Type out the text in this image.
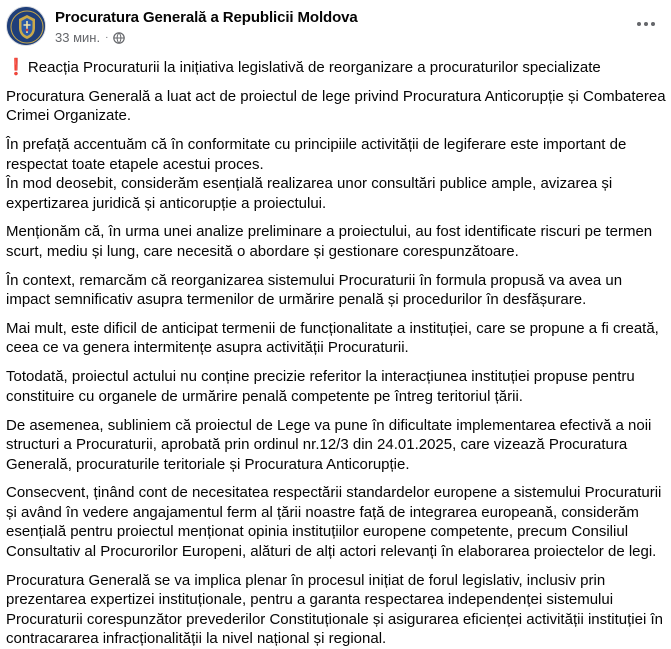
Procuratura Generală a Republicii Moldova
33 мин. ·

❗ Reacția Procuraturii la inițiativa legislativă de reorganizare a procuraturilor specializate

Procuratura Generală a luat act de proiectul de lege privind Procuratura Anticorupție și Combaterea Crimei Organizate.

În prefață accentuăm că în conformitate cu principiile activității de legiferare este important de respectat toate etapele acestui proces.

În mod deosebit, considerăm esențială realizarea unor consultări publice ample, avizarea și expertizarea juridică și anticorupție a proiectului.

Menționăm că, în urma unei analize preliminare a proiectului, au fost identificate riscuri pe termen scurt, mediu și lung, care necesită o abordare și gestionare corespunzătoare.

În context, remarcăm că reorganizarea sistemului Procuraturii în formula propusă va avea un impact semnificativ asupra termenilor de urmărire penală și procedurilor în desfășurare.

Mai mult, este dificil de anticipat termenii de funcționalitate a instituției, care se propune a fi creată, ceea ce va genera intermitențe asupra activității Procuraturii.

Totodată, proiectul actului nu conține precizie referitor la interacțiunea instituției propuse pentru constituire cu organele de urmărire penală competente pe întreg teritoriul țării.

De asemenea, subliniem că proiectul de Lege va pune în dificultate implementarea efectivă a noii structuri a Procuraturii, aprobată prin ordinul nr.12/3 din 24.01.2025, care vizează Procuratura Generală, procuraturile teritoriale și Procuratura Anticorupție.

Consecvent, ținând cont de necesitatea respectării standardelor europene a sistemului Procuraturii și având în vedere angajamentul ferm al țării noastre față de integrarea europeană, considerăm esențială pentru proiectul menționat opinia instituțiilor europene competente, precum Consiliul Consultativ al Procurorilor Europeni, alături de alți actori relevanți în elaborarea proiectelor de legi.

Procuratura Generală se va implica plenar în procesul inițiat de forul legislativ, inclusiv prin prezentarea expertizei instituționale, pentru a garanta respectarea independenței sistemului Procuraturii corespunzător prevederilor Constituționale și asigurarea eficienței activității instituției în contracararea infracționalității la nivel național și regional.
